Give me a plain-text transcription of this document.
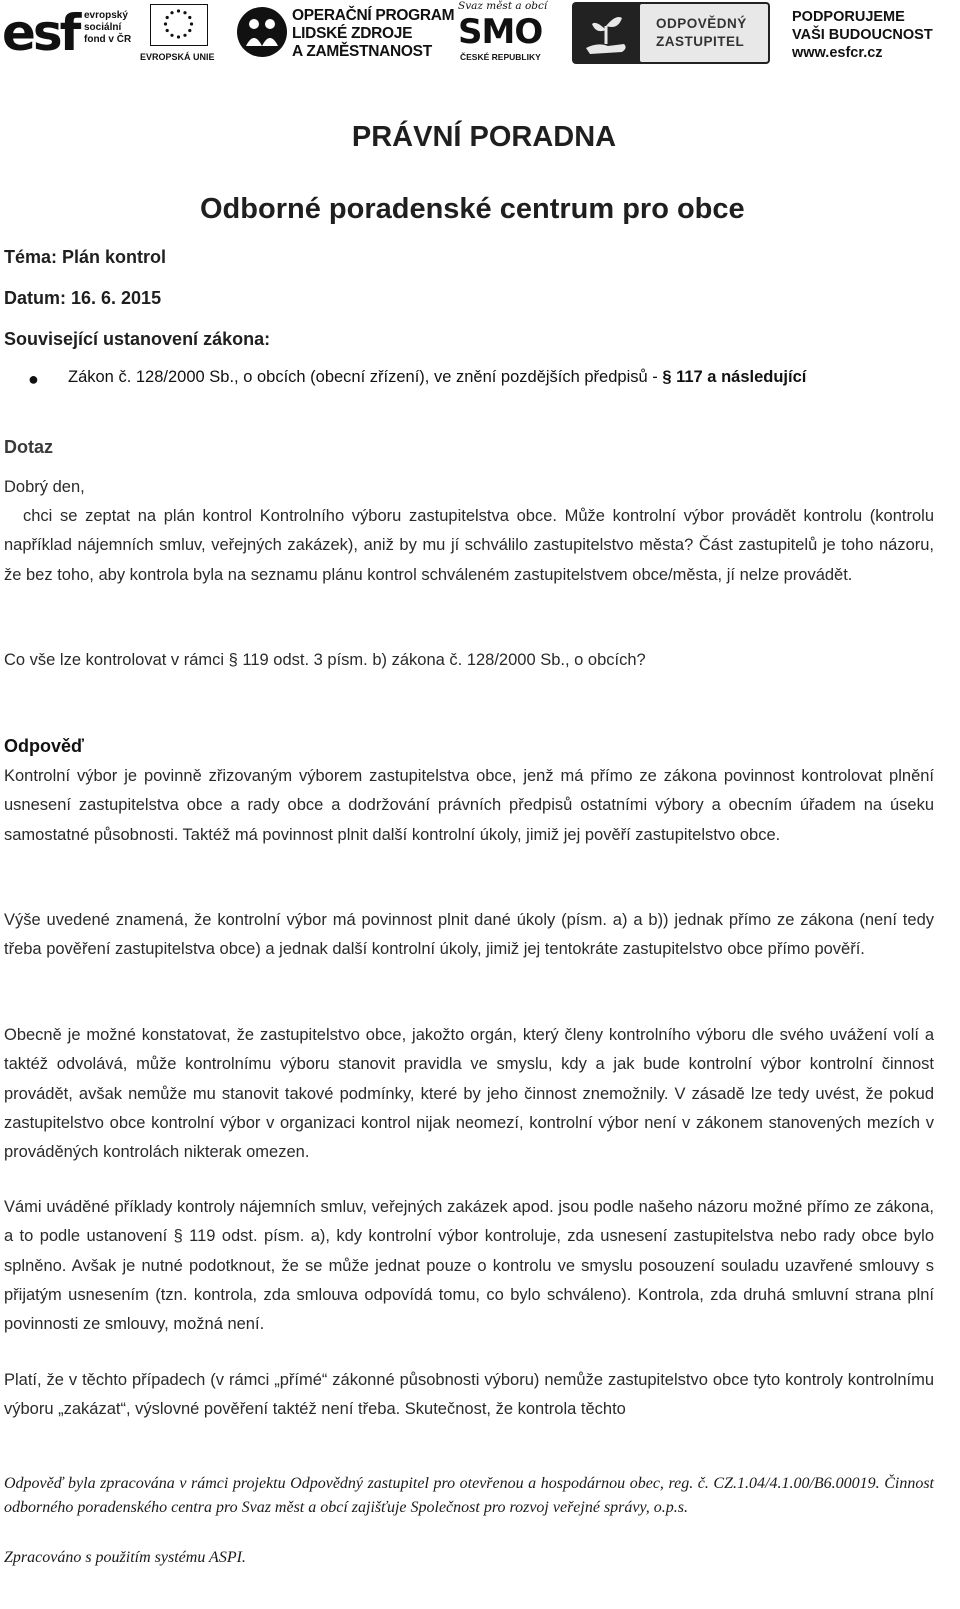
esf evropský
sociální
fond v ČR
EVROPSKÁ UNIE
OPERAČNÍ PROGRAM
LIDSKÉ ZDROJE
A ZAMĚSTNANOST
Svaz měst a obcí
SMO
ČESKÉ REPUBLIKY
ODPOVĚDNÝ
ZASTUPITEL
PODPORUJEME
VAŠI BUDOUCNOST
www.esfcr.cz
PRÁVNÍ PORADNA
Odborné poradenské centrum pro obce
Téma: Plán kontrol
Datum: 16. 6. 2015
Související ustanovení zákona:
● Zákon č. 128/2000 Sb., o obcích (obecní zřízení), ve znění pozdějších předpisů - § 117 a následující
Dotaz
Dobrý den,
chci se zeptat na plán kontrol Kontrolního výboru zastupitelstva obce. Může kontrolní výbor provádět kontrolu (kontrolu například nájemních smluv, veřejných zakázek), aniž by mu jí schválilo zastupitelstvo města? Část zastupitelů je toho názoru, že bez toho, aby kontrola byla na seznamu plánu kontrol schváleném zastupitelstvem obce/města, jí nelze provádět.
Co vše lze kontrolovat v rámci § 119 odst. 3 písm. b) zákona č. 128/2000 Sb., o obcích?
Odpověď
Kontrolní výbor je povinně zřizovaným výborem zastupitelstva obce, jenž má přímo ze zákona povinnost kontrolovat plnění usnesení zastupitelstva obce a rady obce a dodržování právních předpisů ostatními výbory a obecním úřadem na úseku samostatné působnosti. Taktéž má povinnost plnit další kontrolní úkoly, jimiž jej pověří zastupitelstvo obce.
Výše uvedené znamená, že kontrolní výbor má povinnost plnit dané úkoly (písm. a) a b)) jednak přímo ze zákona (není tedy třeba pověření zastupitelstva obce) a jednak další kontrolní úkoly, jimiž jej tentokráte zastupitelstvo obce přímo pověří.
Obecně je možné konstatovat, že zastupitelstvo obce, jakožto orgán, který členy kontrolního výboru dle svého uvážení volí a taktéž odvolává, může kontrolnímu výboru stanovit pravidla ve smyslu, kdy a jak bude kontrolní výbor kontrolní činnost provádět, avšak nemůže mu stanovit takové podmínky, které by jeho činnost znemožnily. V zásadě lze tedy uvést, že pokud zastupitelstvo obce kontrolní výbor v organizaci kontrol nijak neomezí, kontrolní výbor není v zákonem stanovených mezích v prováděných kontrolách nikterak omezen.
Vámi uváděné příklady kontroly nájemních smluv, veřejných zakázek apod. jsou podle našeho názoru možné přímo ze zákona, a to podle ustanovení § 119 odst. písm. a), kdy kontrolní výbor kontroluje, zda usnesení zastupitelstva nebo rady obce bylo splněno. Avšak je nutné podotknout, že se může jednat pouze o kontrolu ve smyslu posouzení souladu uzavřené smlouvy s přijatým usnesením (tzn. kontrola, zda smlouva odpovídá tomu, co bylo schváleno). Kontrola, zda druhá smluvní strana plní povinnosti ze smlouvy, možná není.
Platí, že v těchto případech (v rámci „přímé“ zákonné působnosti výboru) nemůže zastupitelstvo obce tyto kontroly kontrolnímu výboru „zakázat“, výslovné pověření taktéž není třeba. Skutečnost, že kontrola těchto
Odpověď byla zpracována v rámci projektu Odpovědný zastupitel pro otevřenou a hospodárnou obec, reg. č. CZ.1.04/4.1.00/B6.00019. Činnost odborného poradenského centra pro Svaz měst a obcí zajišťuje Společnost pro rozvoj veřejné správy, o.p.s.
Zpracováno s použitím systému ASPI.
